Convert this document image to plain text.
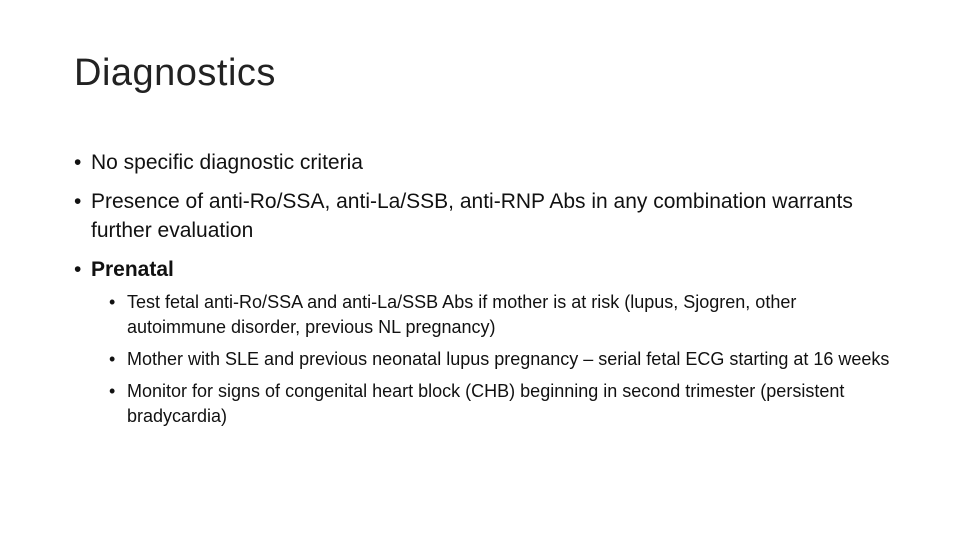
Diagnostics
• No specific diagnostic criteria
• Presence of anti-Ro/SSA, anti-La/SSB, anti-RNP Abs in any combination warrants further evaluation
• Prenatal
• Test fetal anti-Ro/SSA and anti-La/SSB Abs if mother is at risk (lupus, Sjogren, other autoimmune disorder, previous NL pregnancy)
• Mother with SLE and previous neonatal lupus pregnancy – serial fetal ECG starting at 16 weeks
• Monitor for signs of congenital heart block (CHB) beginning in second trimester (persistent bradycardia)
